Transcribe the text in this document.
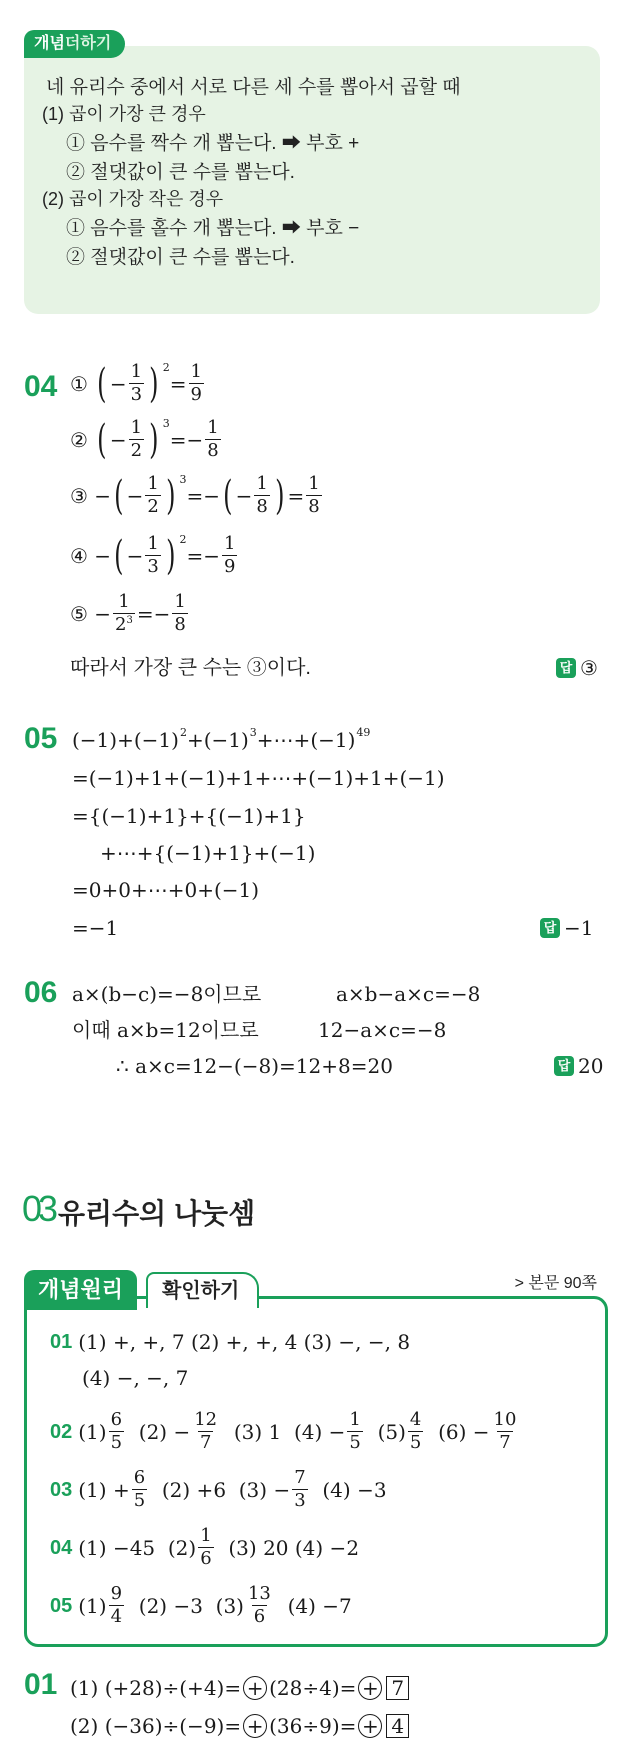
네 유리수 중에서 서로 다른 세 수를 뽑아서 곱할 때
(1) 곱이 가장 큰 경우
① 음수를 짝수 개 뽑는다. ➡ 부호 +
② 절댓값이 큰 수를 뽑는다.
(2) 곱이 가장 작은 경우
① 음수를 홀수 개 뽑는다. ➡ 부호 −
② 절댓값이 큰 수를 뽑는다.
개념더하기
04 ① ( − $\frac{1}{3}$ ) 2
= $\frac{1}{9}$
② ( − $\frac{1}{2}$ ) 3
=− $\frac{1}{8}$
③ − ( − $\frac{1}{2}$ ) 3
=− ( − $\frac{1}{8}$ ) = $\frac{1}{8}$
④ − ( − $\frac{1}{3}$ ) 2
=− $\frac{1}{9}$
⑤ − $\frac{1}{2^3} =- \frac{1}{8}$
따라서 가장 큰 수는 ③이다.	답 ③
05 (−1)+(−1) 2 +(−1) 3 +⋯+(−1) 49
=(−1)+1+(−1)+1+⋯+(−1)+1+(−1)
={(−1)+1}+{(−1)+1}
+⋯+{(−1)+1}+(−1)
=0+0+⋯+0+(−1)
=−1	답 −1
06 a×(b−c)=−8이므로	a×b−a×c=−8
이때 a×b=12이므로	12−a×c=−8
∴ a×c=12−(−8)=12+8=20	답 20
03 유리수의 나눗셈
개념원리	확인하기	> 본문 90쪽
01 (1) +, +, 7 (2) +, +, 4 (3) −, −, 8
(4) −, −, 7
02 $(1) \frac{6}{5} (2) - \frac{12}{7} (3)$ 1  $(4) - \frac{1}{5} (5) \frac{4}{5} (6) - \frac{10}{7}$
03 $(1) + \frac{6}{5} (2) +6$  $(3) - \frac{7}{3}$
(4) −3
04 (1) −45 $(2) \frac{1}{6}$
(3) 20 (4) −2
05 $(1) \frac{9}{4}$
(2) −3 $(3) \frac{13}{6}$
(4) −7
01 (1) (+28)÷(+4)= + (28÷4)= + 7
(2) (−36)÷(−9)= + (36÷9)= + 4
